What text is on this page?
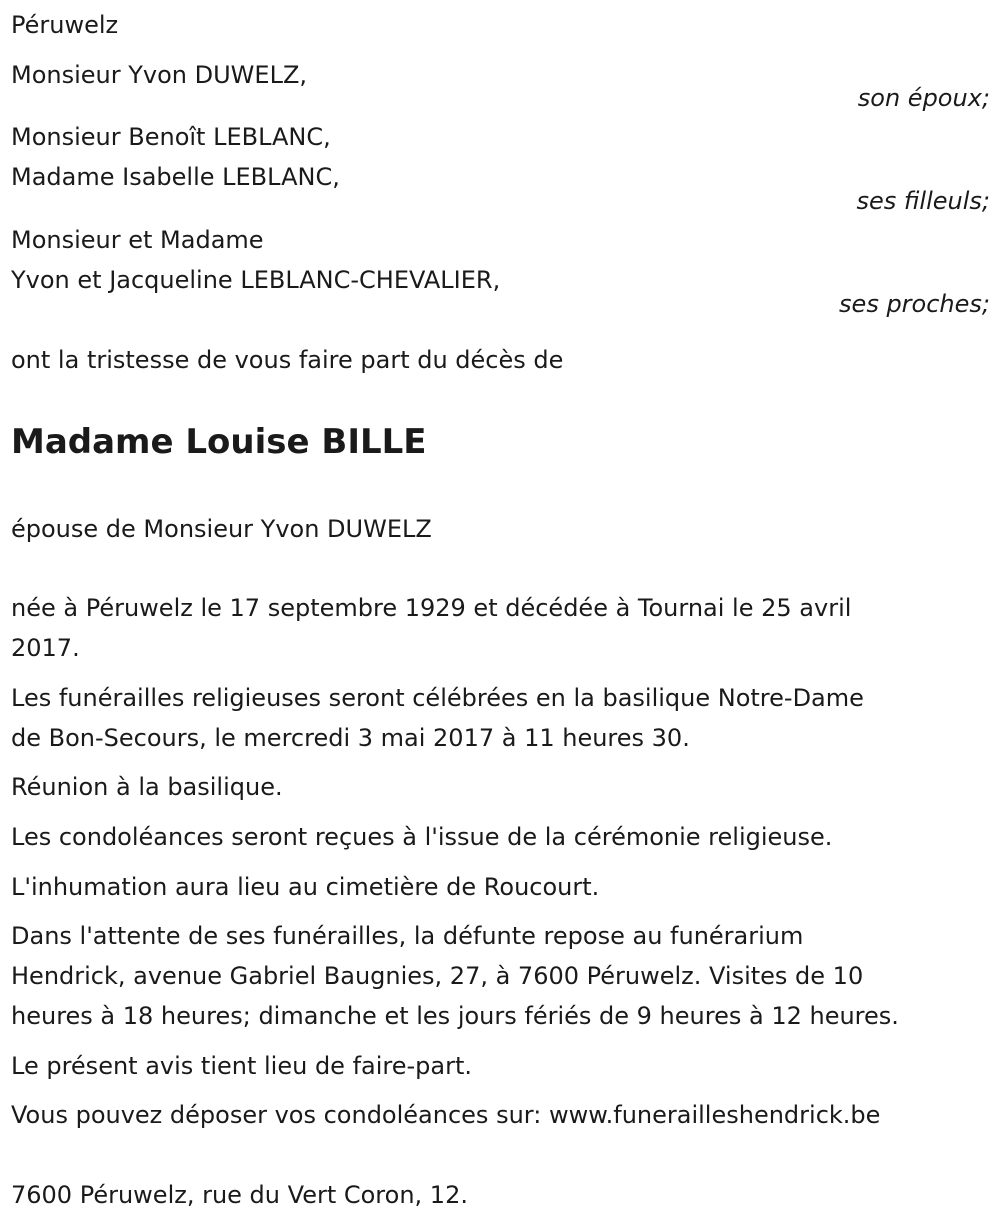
Péruwelz
Monsieur Yvon DUWELZ,
son époux;
Monsieur Benoît LEBLANC,
Madame Isabelle LEBLANC,
ses filleuls;
Monsieur et Madame
Yvon et Jacqueline LEBLANC-CHEVALIER,
ses proches;
ont la tristesse de vous faire part du décès de
Madame Louise BILLE
épouse de Monsieur Yvon DUWELZ
née à Péruwelz le 17 septembre 1929 et décédée à Tournai le 25 avril
2017.
Les funérailles religieuses seront célébrées en la basilique Notre-Dame
de Bon-Secours, le mercredi 3 mai 2017 à 11 heures 30.
Réunion à la basilique.
Les condoléances seront reçues à l'issue de la cérémonie religieuse.
L'inhumation aura lieu au cimetière de Roucourt.
Dans l'attente de ses funérailles, la défunte repose au funérarium
Hendrick, avenue Gabriel Baugnies, 27, à 7600 Péruwelz. Visites de 10
heures à 18 heures; dimanche et les jours fériés de 9 heures à 12 heures.
Le présent avis tient lieu de faire-part.
Vous pouvez déposer vos condoléances sur: www.funerailleshendrick.be
7600 Péruwelz, rue du Vert Coron, 12.
